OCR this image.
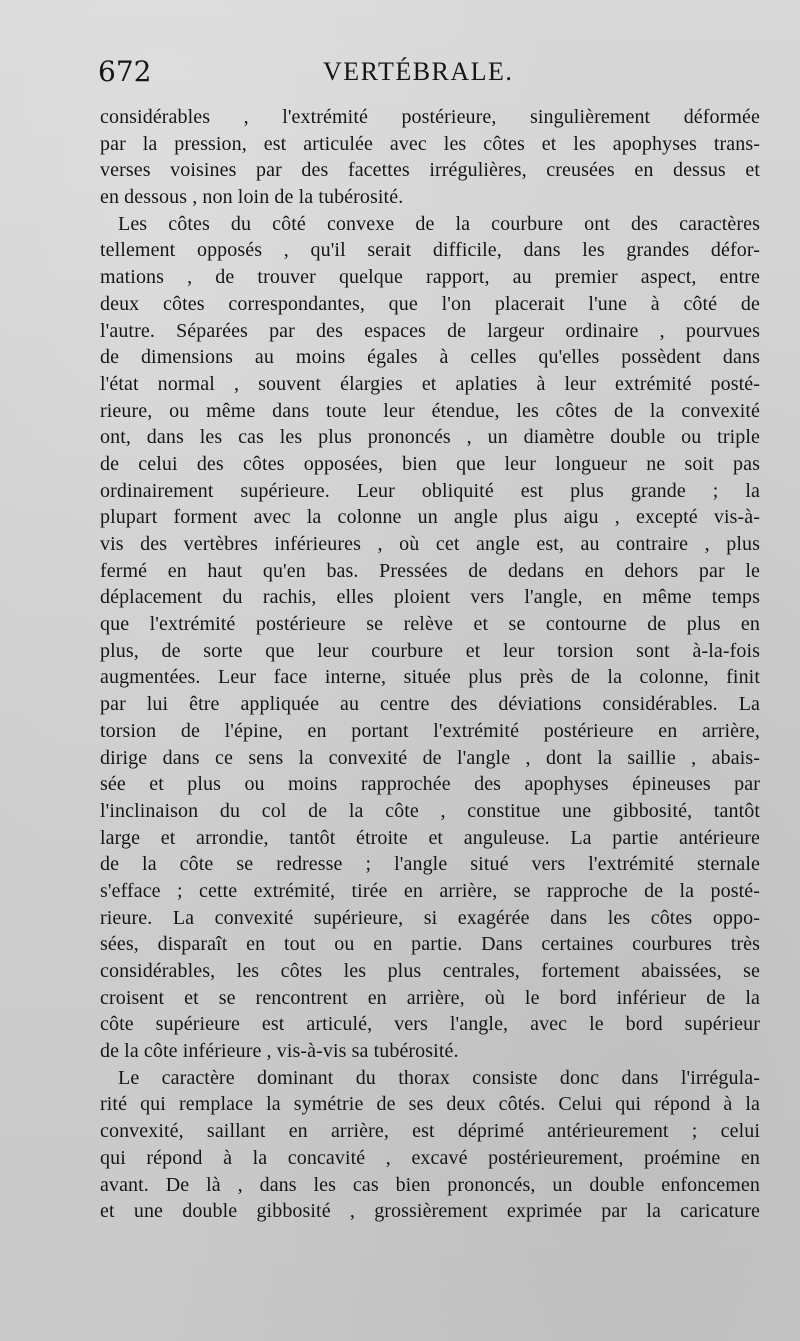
672	VERTÉBRALE.
considérables , l'extrémité postérieure, singulièrement déformée
par la pression, est articulée avec les côtes et les apophyses trans-
verses voisines par des facettes irrégulières, creusées en dessus et
en dessous , non loin de la tubérosité.
Les côtes du côté convexe de la courbure ont des caractères
tellement opposés , qu'il serait difficile, dans les grandes défor-
mations , de trouver quelque rapport, au premier aspect, entre
deux côtes correspondantes, que l'on placerait l'une à côté de
l'autre. Séparées par des espaces de largeur ordinaire , pourvues
de dimensions au moins égales à celles qu'elles possèdent dans
l'état normal , souvent élargies et aplaties à leur extrémité posté-
rieure, ou même dans toute leur étendue, les côtes de la convexité
ont, dans les cas les plus prononcés , un diamètre double ou triple
de celui des côtes opposées, bien que leur longueur ne soit pas
ordinairement supérieure. Leur obliquité est plus grande ; la
plupart forment avec la colonne un angle plus aigu , excepté vis-à-
vis des vertèbres inférieures , où cet angle est, au contraire , plus
fermé en haut qu'en bas. Pressées de dedans en dehors par le
déplacement du rachis, elles ploient vers l'angle, en même temps
que l'extrémité postérieure se relève et se contourne de plus en
plus, de sorte que leur courbure et leur torsion sont à-la-fois
augmentées. Leur face interne, située plus près de la colonne, finit
par lui être appliquée au centre des déviations considérables. La
torsion de l'épine, en portant l'extrémité postérieure en arrière,
dirige dans ce sens la convexité de l'angle , dont la saillie , abais-
sée et plus ou moins rapprochée des apophyses épineuses par
l'inclinaison du col de la côte , constitue une gibbosité, tantôt
large et arrondie, tantôt étroite et anguleuse. La partie antérieure
de la côte se redresse ; l'angle situé vers l'extrémité sternale
s'efface ; cette extrémité, tirée en arrière, se rapproche de la posté-
rieure. La convexité supérieure, si exagérée dans les côtes oppo-
sées, disparaît en tout ou en partie. Dans certaines courbures très
considérables, les côtes les plus centrales, fortement abaissées, se
croisent et se rencontrent en arrière, où le bord inférieur de la
côte supérieure est articulé, vers l'angle, avec le bord supérieur
de la côte inférieure , vis-à-vis sa tubérosité.
Le caractère dominant du thorax consiste donc dans l'irrégula-
rité qui remplace la symétrie de ses deux côtés. Celui qui répond à la
convexité, saillant en arrière, est déprimé antérieurement ; celui
qui répond à la concavité , excavé postérieurement, proémine en
avant. De là , dans les cas bien prononcés, un double enfoncemen
et une double gibbosité , grossièrement exprimée par la caricature
